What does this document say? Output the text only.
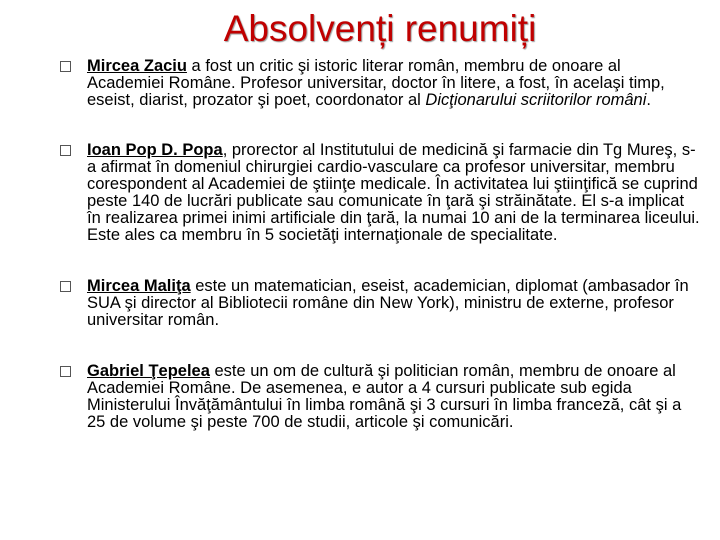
Absolvenți renumiți
Mircea Zaciu a fost un critic şi istoric literar român, membru de onoare al Academiei Române. Profesor universitar, doctor în litere, a fost, în acelaşi timp, eseist, diarist, prozator şi poet, coordonator al Dicţionarului scriitorilor români.
Ioan Pop D. Popa, prorector al Institutului de medicină şi farmacie din Tg Mureş, s-a afirmat în domeniul chirurgiei cardio-vasculare ca profesor universitar, membru corespondent al Academiei de ştiinţe medicale. În activitatea lui ştiinţifică se cuprind peste 140 de lucrări publicate sau comunicate în ţară şi străinătate. El s-a implicat în realizarea primei inimi artificiale din ţară, la numai 10 ani de la terminarea liceului. Este ales ca membru în 5 societăţi internaţionale de specialitate.
Mircea Maliţa este un matematician, eseist, academician, diplomat (ambasador în SUA şi director al Bibliotecii române din New York), ministru de externe, profesor universitar român.
Gabriel Ţepelea este un om de cultură şi politician român, membru de onoare al Academiei Române. De asemenea, e autor a 4 cursuri publicate sub egida Ministerului Învăţământului în limba română şi 3 cursuri în limba franceză, cât şi a 25 de volume şi peste 700 de studii, articole şi comunicări.
